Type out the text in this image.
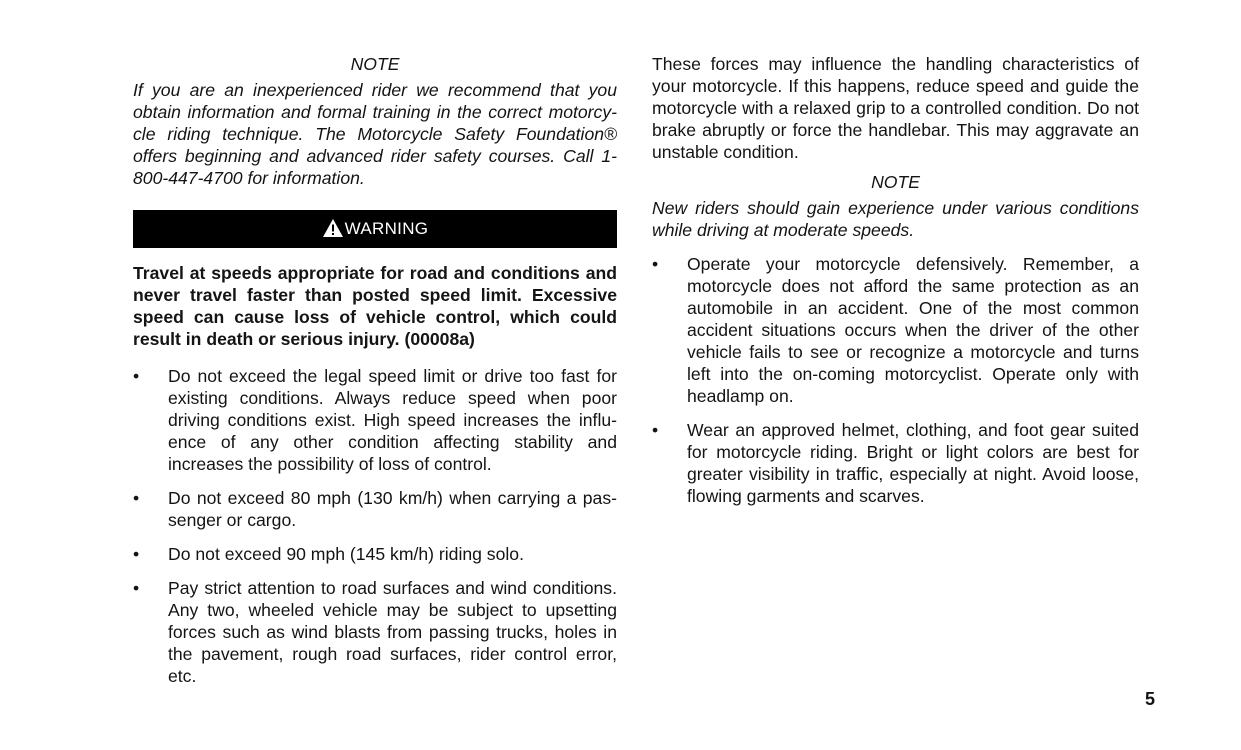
NOTE

If you are an inexperienced rider we recommend that you obtain information and formal training in the correct motorcy-cle riding technique. The Motorcycle Safety Foundation® offers beginning and advanced rider safety courses. Call 1-800-447-4700 for information.

WARNING

Travel at speeds appropriate for road and conditions and never travel faster than posted speed limit. Excessive speed can cause loss of vehicle control, which could result in death or serious injury. (00008a)

• Do not exceed the legal speed limit or drive too fast for existing conditions. Always reduce speed when poor driving conditions exist. High speed increases the influ-ence of any other condition affecting stability and increases the possibility of loss of control.
• Do not exceed 80 mph (130 km/h) when carrying a pas-senger or cargo.
• Do not exceed 90 mph (145 km/h) riding solo.
• Pay strict attention to road surfaces and wind conditions. Any two, wheeled vehicle may be subject to upsetting forces such as wind blasts from passing trucks, holes in the pavement, rough road surfaces, rider control error, etc.

These forces may influence the handling characteristics of your motorcycle. If this happens, reduce speed and guide the motorcycle with a relaxed grip to a controlled condition. Do not brake abruptly or force the handlebar. This may aggravate an unstable condition.

NOTE

New riders should gain experience under various conditions while driving at moderate speeds.

• Operate your motorcycle defensively. Remember, a motorcycle does not afford the same protection as an automobile in an accident. One of the most common accident situations occurs when the driver of the other vehicle fails to see or recognize a motorcycle and turns left into the on-coming motorcyclist. Operate only with headlamp on.
• Wear an approved helmet, clothing, and foot gear suited for motorcycle riding. Bright or light colors are best for greater visibility in traffic, especially at night. Avoid loose, flowing garments and scarves.
5
